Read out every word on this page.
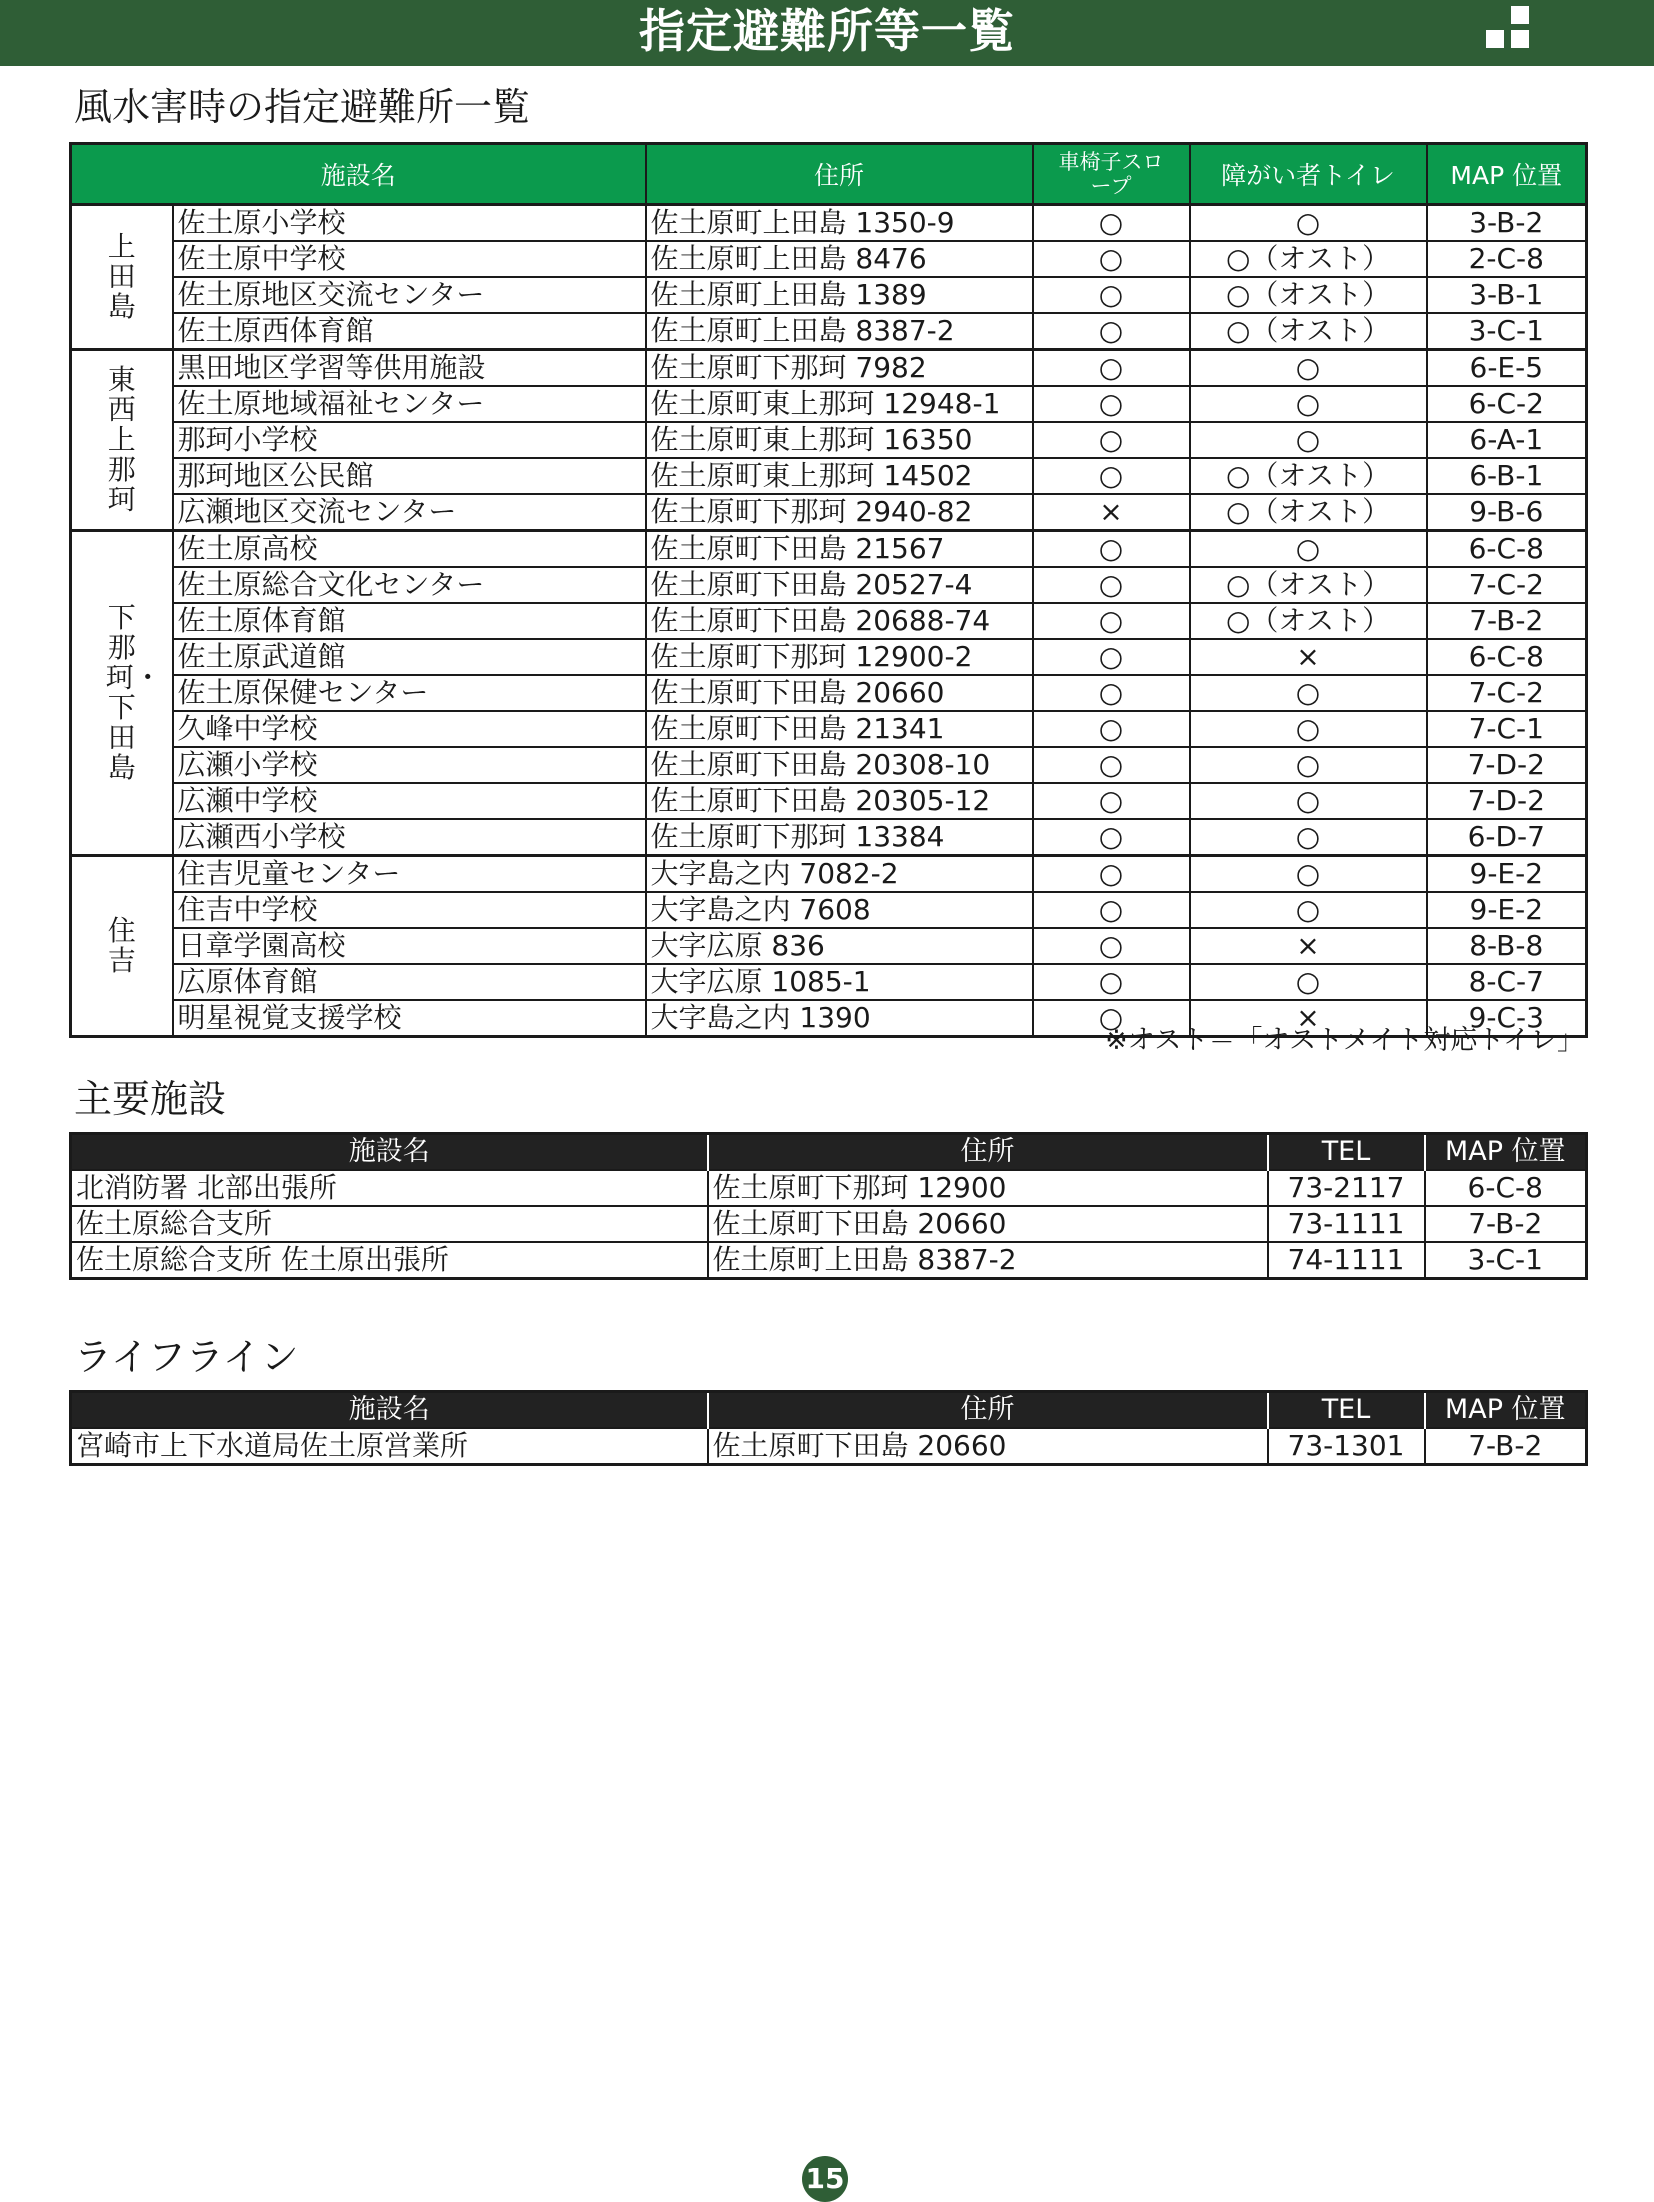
指定避難所等一覧
風水害時の指定避難所一覧
施設名		住所	車椅子スロープ	障がい者トイレ	MAP 位置
上田島	佐土原小学校	佐土原町上田島 1350-9	○	○	3-B-2
	佐土原中学校	佐土原町上田島 8476	○	○（オスト）	2-C-8
	佐土原地区交流センター	佐土原町上田島 1389	○	○（オスト）	3-B-1
	佐土原西体育館	佐土原町上田島 8387-2	○	○（オスト）	3-C-1
東西上那珂	黒田地区学習等供用施設	佐土原町下那珂 7982	○	○	6-E-5
	佐土原地域福祉センター	佐土原町東上那珂 12948-1	○	○	6-C-2
	那珂小学校	佐土原町東上那珂 16350	○	○	6-A-1
	那珂地区公民館	佐土原町東上那珂 14502	○	○（オスト）	6-B-1
	広瀬地区交流センター	佐土原町下那珂 2940-82	×	○（オスト）	9-B-6
下那珂・下田島	佐土原高校	佐土原町下田島 21567	○	○	6-C-8
	佐土原総合文化センター	佐土原町下田島 20527-4	○	○（オスト）	7-C-2
	佐土原体育館	佐土原町下田島 20688-74	○	○（オスト）	7-B-2
	佐土原武道館	佐土原町下那珂 12900-2	○	×	6-C-8
	佐土原保健センター	佐土原町下田島 20660	○	○	7-C-2
	久峰中学校	佐土原町下田島 21341	○	○	7-C-1
	広瀬小学校	佐土原町下田島 20308-10	○	○	7-D-2
	広瀬中学校	佐土原町下田島 20305-12	○	○	7-D-2
	広瀬西小学校	佐土原町下那珂 13384	○	○	6-D-7
住吉	住吉児童センター	大字島之内 7082-2	○	○	9-E-2
	住吉中学校	大字島之内 7608	○	○	9-E-2
	日章学園高校	大字広原 836	○	×	8-B-8
	広原体育館	大字広原 1085-1	○	○	8-C-7
	明星視覚支援学校	大字島之内 1390	○	×	9-C-3
※オスト＝「オストメイト対応トイレ」
主要施設
施設名	住所	TEL	MAP 位置
北消防署 北部出張所	佐土原町下那珂 12900	73-2117	6-C-8
佐土原総合支所	佐土原町下田島 20660	73-1111	7-B-2
佐土原総合支所 佐土原出張所	佐土原町上田島 8387-2	74-1111	3-C-1
ライフライン
施設名	住所	TEL	MAP 位置
宮崎市上下水道局佐土原営業所	佐土原町下田島 20660	73-1301	7-B-2
15
